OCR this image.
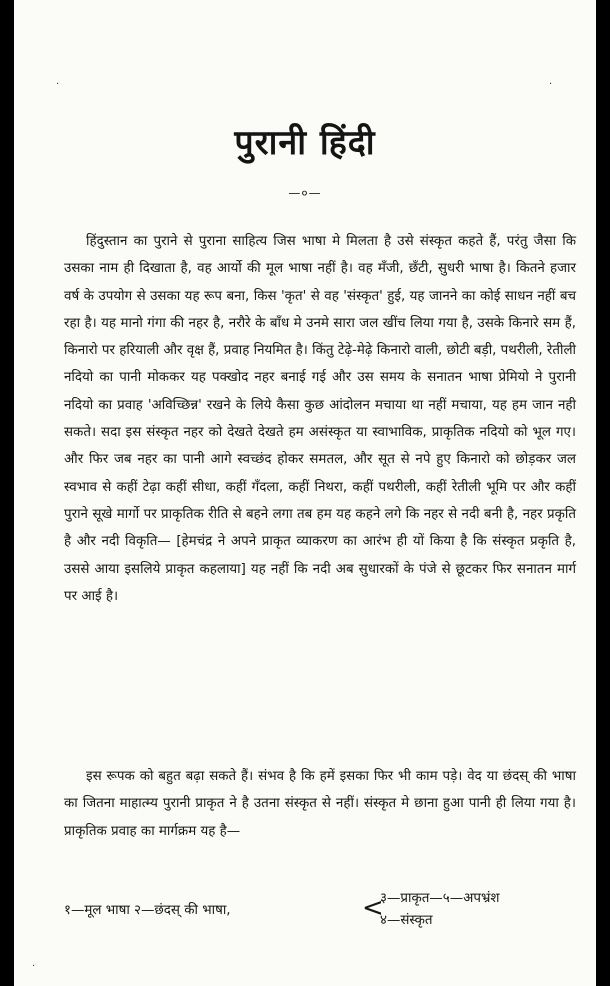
·	·
·
पुरानी हिंदी
—०—
हिंदुस्तान का पुराने से पुराना साहित्य जिस भाषा मे मिलता है उसे संस्कृत कहते हैं, परंतु जैसा कि उसका नाम ही दिखाता है, वह आर्यो की मूल भाषा नहीं है। वह मँजी, छँटी, सुधरी भाषा है। कितने हजार वर्ष के उपयोग से उसका यह रूप बना, किस 'कृत' से वह 'संस्कृत' हुई, यह जानने का कोई साधन नहीं बच रहा है। यह मानो गंगा की नहर है, नरौरे के बाँध मे उनमे सारा जल खींच लिया गया है, उसके किनारे सम हैं, किनारो पर हरियाली और वृक्ष हैं, प्रवाह नियमित है। किंतु टेढ़े-मेढ़े किनारो वाली, छोटी बड़ी, पथरीली, रेतीली नदियो का पानी मोककर यह पक्खोद नहर बनाई गई और उस समय के सनातन भाषा प्रेमियो ने पुरानी नदियो का प्रवाह 'अविच्छिन्न' रखने के लिये कैसा कुछ आंदोलन मचाया था नहीं मचाया, यह हम जान नही सकते। सदा इस संस्कृत नहर को देखते देखते हम असंस्कृत या स्वाभाविक, प्राकृतिक नदियो को भूल गए। और फिर जब नहर का पानी आगे स्वच्छंद होकर समतल, और सूत से नपे हुए किनारो को छोड़कर जल स्वभाव से कहीं टेढ़ा कहीं सीधा, कहीं गँदला, कहीं निथरा, कहीं पथरीली, कहीं रेतीली भूमि पर और कहीं पुराने सूखे मार्गो पर प्राकृतिक रीति से बहने लगा तब हम यह कहने लगे कि नहर से नदी बनी है, नहर प्रकृति है और नदी विकृति— [हेमचंद्र ने अपने प्राकृत व्याकरण का आरंभ ही यों किया है कि संस्कृत प्रकृति है, उससे आया इसलिये प्राकृत कहलाया] यह नहीं कि नदी अब सुधारकों के पंजे से छूटकर फिर सनातन मार्ग पर आई है।
इस रूपक को बहुत बढ़ा सकते हैं। संभव है कि हमें इसका फिर भी काम पड़े। वेद या छंदस् की भाषा का जितना माहात्म्य पुरानी प्राकृत ने है उतना संस्कृत से नहीं। संस्कृत मे छाना हुआ पानी ही लिया गया है। प्राकृतिक प्रवाह का मार्गक्रम यह है—
१—मूल भाषा २—छंदस् की भाषा,	<
३—प्राकृत—५—अपभ्रंश
४—संस्कृत
